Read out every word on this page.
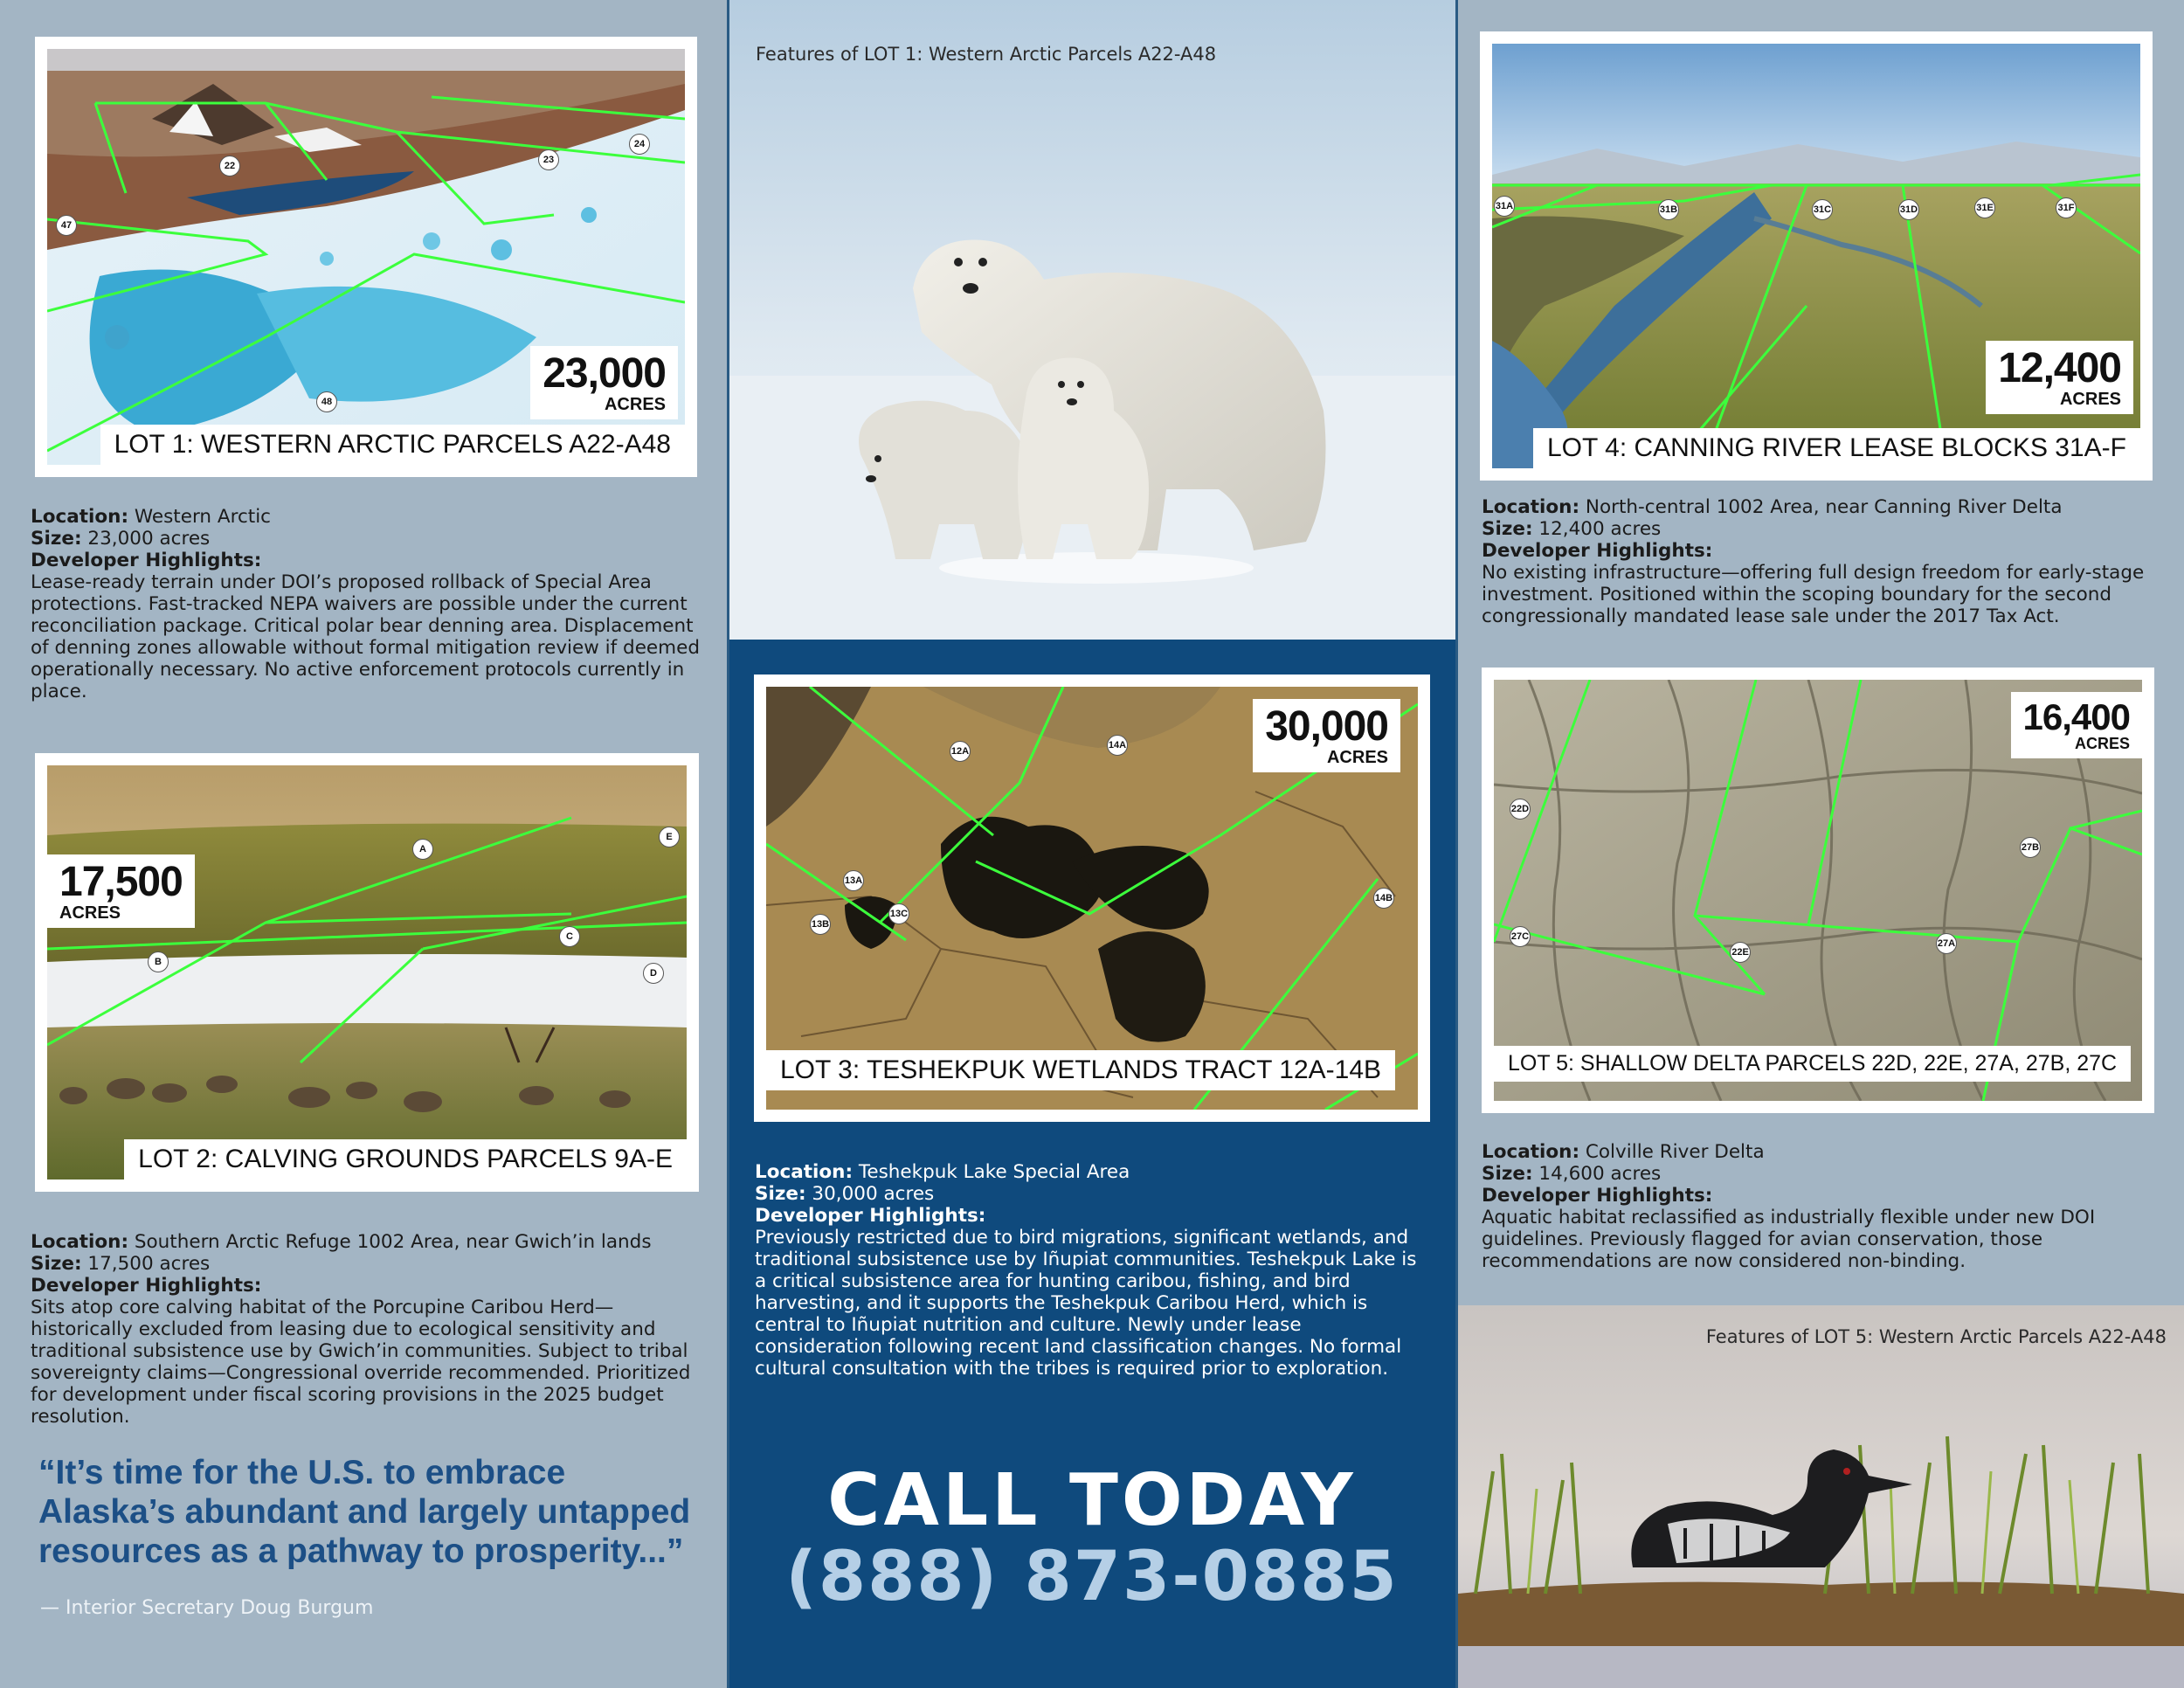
22
23
24
47
48
23,000
ACRES
LOT 1: WESTERN ARCTIC PARCELS A22-A48
Location: Western Arctic
Size: 23,000 acres
Developer Highlights:
Lease-ready terrain under DOI’s proposed rollback of Special Area protections. Fast-tracked NEPA waivers are possible under the current reconciliation package. Critical polar bear denning area. Displacement of denning zones allowable without formal mitigation review if deemed operationally necessary. No active enforcement protocols currently in place.
A
B
C
D
E
17,500
ACRES
LOT 2: CALVING GROUNDS PARCELS 9A-E
Location: Southern Arctic Refuge 1002 Area, near Gwich’in lands
Size: 17,500 acres
Developer Highlights:
Sits atop core calving habitat of the Porcupine Caribou Herd—historically excluded from leasing due to ecological sensitivity and traditional subsistence use by Gwich’in communities. Subject to tribal sovereignty claims—Congressional override recommended. Prioritized for development under fiscal scoring provisions in the 2025 budget resolution.
“It’s time for the U.S. to embrace Alaska’s abundant and largely untapped resources as a pathway to prosperity...”
— Interior Secretary Doug Burgum
Features of LOT 1: Western Arctic Parcels A22-A48
12A
14A
13A
13B
13C
14B
30,000
ACRES
LOT 3: TESHEKPUK WETLANDS TRACT 12A-14B
Location: Teshekpuk Lake Special Area
Size: 30,000 acres
Developer Highlights:
Previously restricted due to bird migrations, significant wetlands, and traditional subsistence use by Iñupiat communities. Teshekpuk Lake is a critical subsistence area for hunting caribou, fishing, and bird harvesting, and it supports the Teshekpuk Caribou Herd, which is central to Iñupiat nutrition and culture. Newly under lease consideration following recent land classification changes. No formal cultural consultation with the tribes is required prior to exploration.
CALL TODAY
(888) 873-0885
31A	31B	31C	31D	31E	31F
12,400
ACRES
LOT 4: CANNING RIVER LEASE BLOCKS 31A-F
Location: North-central 1002 Area, near Canning River Delta
Size: 12,400 acres
Developer Highlights:
No existing infrastructure—offering full design freedom for early-stage investment. Positioned within the scoping boundary for the second congressionally mandated lease sale under the 2017 Tax Act.
22D
27B
27C
22E
27A
16,400
ACRES
LOT 5: SHALLOW DELTA PARCELS 22D, 22E, 27A, 27B, 27C
Location: Colville River Delta
Size: 14,600 acres
Developer Highlights:
Aquatic habitat reclassified as industrially flexible under new DOI guidelines. Previously flagged for avian conservation, those recommendations are now considered non-binding.
Features of LOT 5: Western Arctic Parcels A22-A48
